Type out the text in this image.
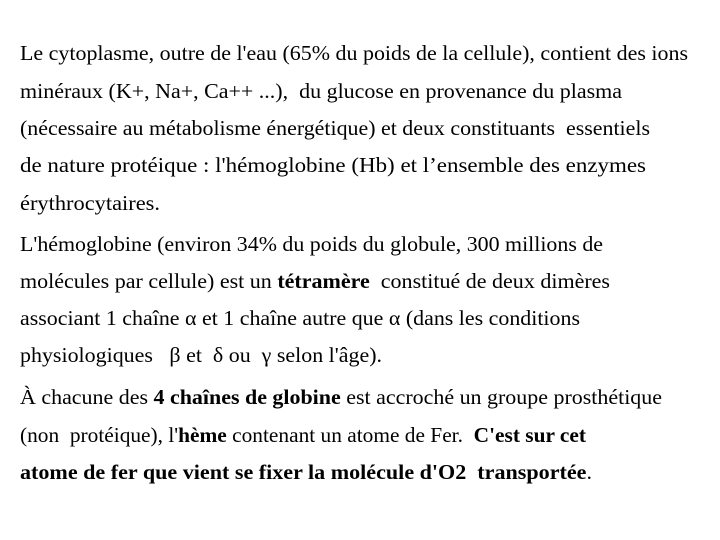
Le cytoplasme, outre de l'eau (65% du poids de la cellule), contient des ions
minéraux (K+, Na+, Ca++ ...),  du glucose en provenance du plasma
(nécessaire au métabolisme énergétique) et deux constituants  essentiels
de nature protéique : l'hémoglobine (Hb) et l’ensemble des enzymes
érythrocytaires.
L'hémoglobine (environ 34% du poids du globule, 300 millions de
molécules par cellule) est un tétramère  constitué de deux dimères
associant 1 chaîne α et 1 chaîne autre que α (dans les conditions
physiologiques   β et  δ ou  γ selon l'âge).
À chacune des 4 chaînes de globine est accroché un groupe prosthétique
(non  protéique), l'hème contenant un atome de Fer.  C'est sur cet
atome de fer que vient se fixer la molécule d'O2  transportée.
